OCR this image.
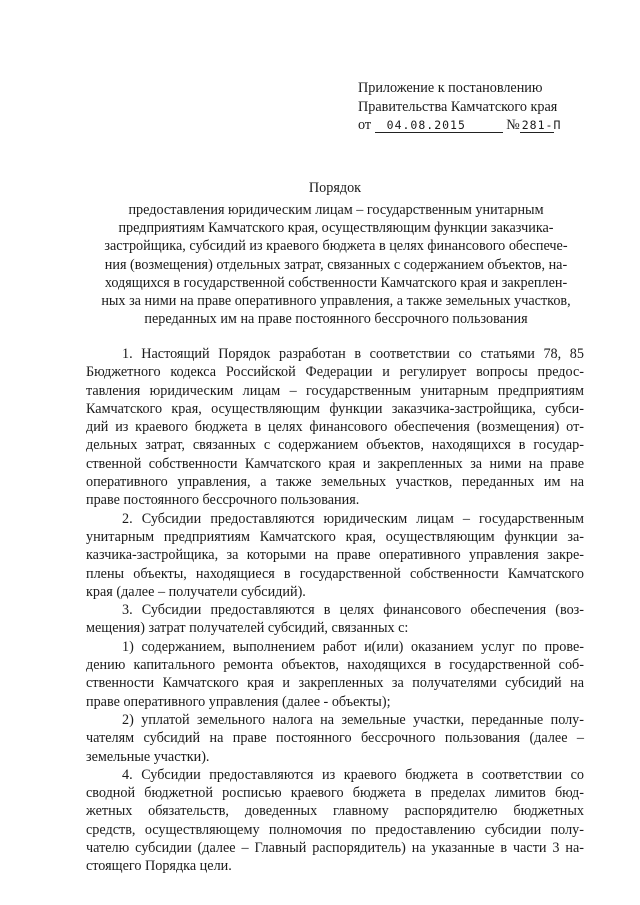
Приложение к постановлению
Правительства Камчатского края
от 04.08.2015	№ 281-П
Порядок
предоставления юридическим лицам – государственным унитарным
предприятиям Камчатского края, осуществляющим функции заказчика-
застройщика, субсидий из краевого бюджета в целях финансового обеспече-
ния (возмещения) отдельных затрат, связанных с содержанием объектов, на-
ходящихся в государственной собственности Камчатского края и закреплен-
ных за ними на праве оперативного управления, а также земельных участков,
переданных им на праве постоянного бессрочного пользования
1. Настоящий Порядок разработан в соответствии со статьями 78, 85
Бюджетного кодекса Российской Федерации и регулирует вопросы предос-
тавления юридическим лицам – государственным унитарным предприятиям
Камчатского края, осуществляющим функции заказчика-застройщика, субси-
дий из краевого бюджета в целях финансового обеспечения (возмещения) от-
дельных затрат, связанных с содержанием объектов, находящихся в государ-
ственной собственности Камчатского края и закрепленных за ними на праве
оперативного управления, а также земельных участков, переданных им на
праве постоянного бессрочного пользования.
2. Субсидии предоставляются юридическим лицам – государственным
унитарным предприятиям Камчатского края, осуществляющим функции за-
казчика-застройщика, за которыми на праве оперативного управления закре-
плены объекты, находящиеся в государственной собственности Камчатского
края (далее – получатели субсидий).
3. Субсидии предоставляются в целях финансового обеспечения (воз-
мещения) затрат получателей субсидий, связанных с:
1) содержанием, выполнением работ и(или) оказанием услуг по прове-
дению капитального ремонта объектов, находящихся в государственной соб-
ственности Камчатского края и закрепленных за получателями субсидий на
праве оперативного управления (далее - объекты);
2) уплатой земельного налога на земельные участки, переданные полу-
чателям субсидий на праве постоянного бессрочного пользования (далее –
земельные участки).
4. Субсидии предоставляются из краевого бюджета в соответствии со
сводной бюджетной росписью краевого бюджета в пределах лимитов бюд-
жетных обязательств, доведенных главному распорядителю бюджетных
средств, осуществляющему полномочия по предоставлению субсидии полу-
чателю субсидии (далее – Главный распорядитель) на указанные в части 3 на-
стоящего Порядка цели.
